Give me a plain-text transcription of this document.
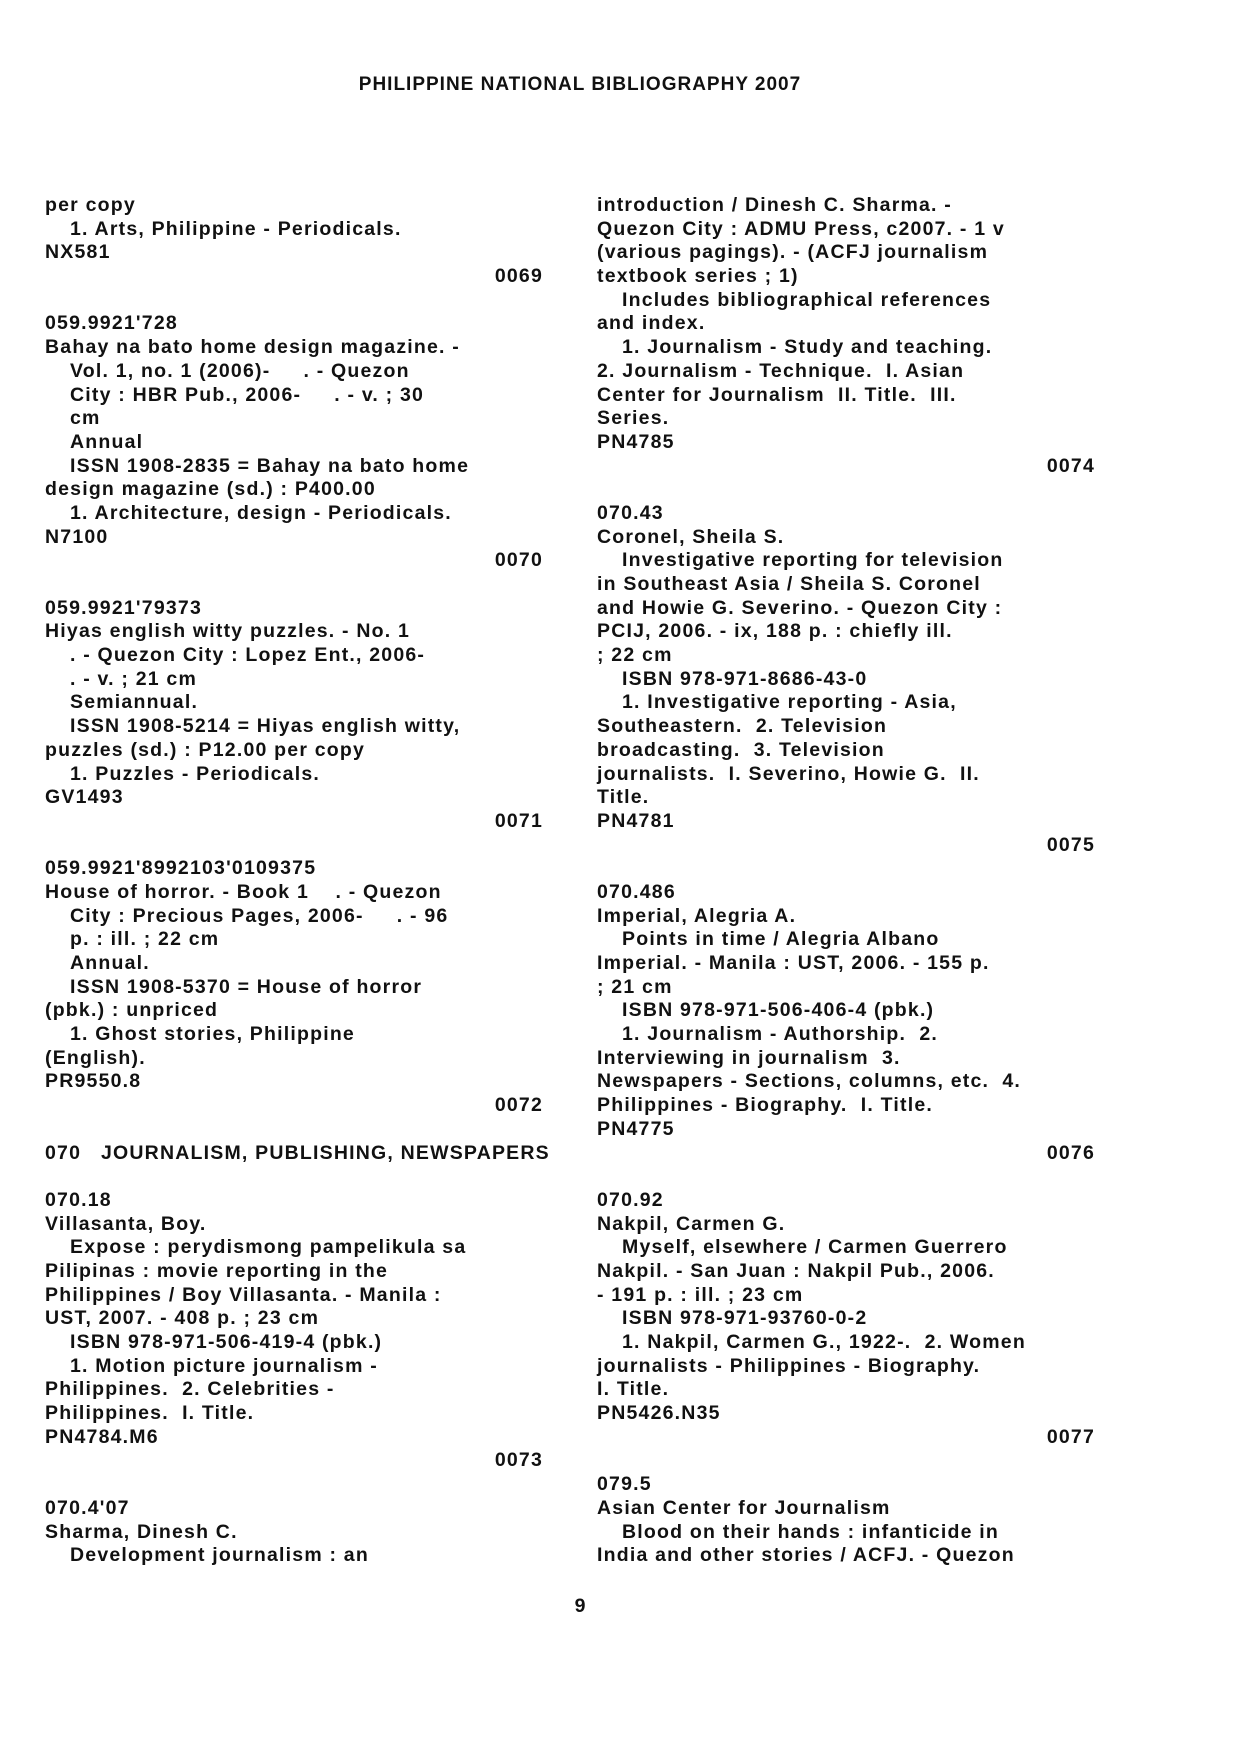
PHILIPPINE NATIONAL BIBLIOGRAPHY 2007
per copy
1. Arts, Philippine - Periodicals.
NX581
0069
059.9921'728
Bahay na bato home design magazine. -
Vol. 1, no. 1 (2006)-     . - Quezon
City : HBR Pub., 2006-     . - v. ; 30
cm
Annual
ISSN 1908-2835 = Bahay na bato home
design magazine (sd.) : P400.00
1. Architecture, design - Periodicals.
N7100
0070
059.9921'79373
Hiyas english witty puzzles. - No. 1
. - Quezon City : Lopez Ent., 2006-
. - v. ; 21 cm
Semiannual.
ISSN 1908-5214 = Hiyas english witty,
puzzles (sd.) : P12.00 per copy
1. Puzzles - Periodicals.
GV1493
0071
059.9921'8992103'0109375
House of horror. - Book 1    . - Quezon
City : Precious Pages, 2006-     . - 96
p. : ill. ; 22 cm
Annual.
ISSN 1908-5370 = House of horror
(pbk.) : unpriced
1. Ghost stories, Philippine
(English).
PR9550.8
0072
070   JOURNALISM, PUBLISHING, NEWSPAPERS
070.18
Villasanta, Boy.
Expose : perydismong pampelikula sa
Pilipinas : movie reporting in the
Philippines / Boy Villasanta. - Manila :
UST, 2007. - 408 p. ; 23 cm
ISBN 978-971-506-419-4 (pbk.)
1. Motion picture journalism -
Philippines.  2. Celebrities -
Philippines.  I. Title.
PN4784.M6
0073
070.4'07
Sharma, Dinesh C.
Development journalism : an
introduction / Dinesh C. Sharma. -
Quezon City : ADMU Press, c2007. - 1 v
(various pagings). - (ACFJ journalism
textbook series ; 1)
Includes bibliographical references
and index.
1. Journalism - Study and teaching.
2. Journalism - Technique.  I. Asian
Center for Journalism  II. Title.  III.
Series.
PN4785
0074
070.43
Coronel, Sheila S.
Investigative reporting for television
in Southeast Asia / Sheila S. Coronel
and Howie G. Severino. - Quezon City :
PCIJ, 2006. - ix, 188 p. : chiefly ill.
; 22 cm
ISBN 978-971-8686-43-0
1. Investigative reporting - Asia,
Southeastern.  2. Television
broadcasting.  3. Television
journalists.  I. Severino, Howie G.  II.
Title.
PN4781
0075
070.486
Imperial, Alegria A.
Points in time / Alegria Albano
Imperial. - Manila : UST, 2006. - 155 p.
; 21 cm
ISBN 978-971-506-406-4 (pbk.)
1. Journalism - Authorship.  2.
Interviewing in journalism  3.
Newspapers - Sections, columns, etc.  4.
Philippines - Biography.  I. Title.
PN4775
0076
070.92
Nakpil, Carmen G.
Myself, elsewhere / Carmen Guerrero
Nakpil. - San Juan : Nakpil Pub., 2006.
- 191 p. : ill. ; 23 cm
ISBN 978-971-93760-0-2
1. Nakpil, Carmen G., 1922-.  2. Women
journalists - Philippines - Biography.
I. Title.
PN5426.N35
0077
079.5
Asian Center for Journalism
Blood on their hands : infanticide in
India and other stories / ACFJ. - Quezon
9
